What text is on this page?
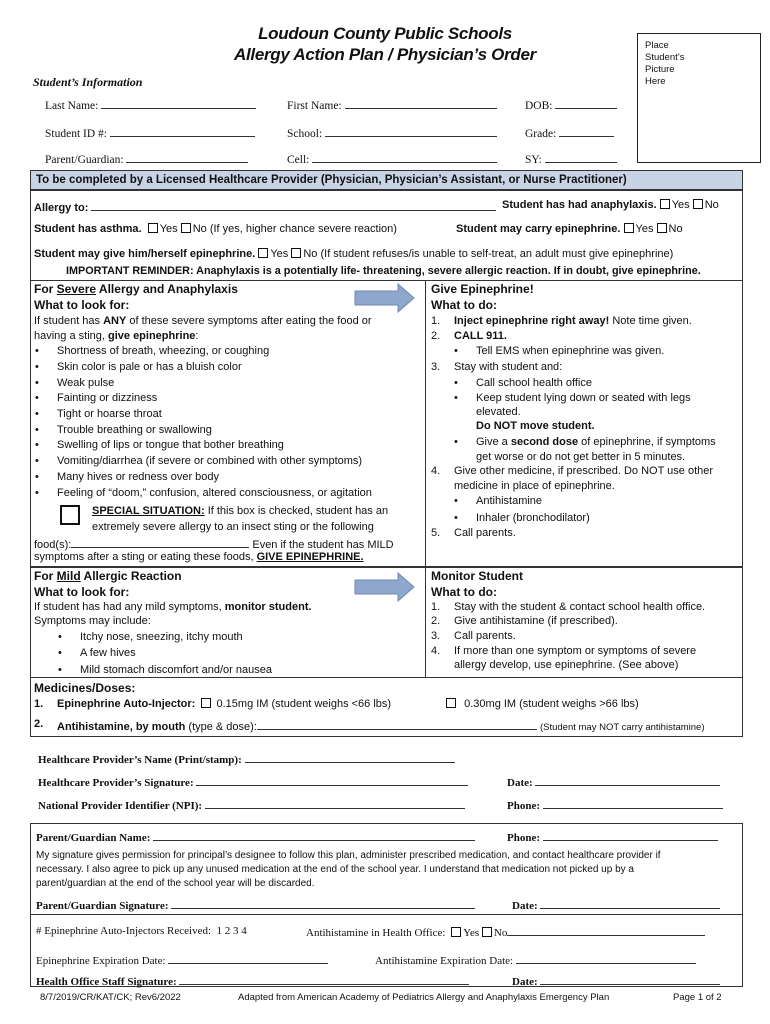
Loudoun County Public Schools
Allergy Action Plan / Physician’s Order	Place
Student’s
Picture
Here
Student’s Information
Last Name:	First Name:	DOB:
Student ID #:	School:	Grade:
Parent/Guardian:	Cell:	SY:
To be completed by a Licensed Healthcare Provider (Physician, Physician’s Assistant, or Nurse Practitioner)
Allergy to:	Student has had anaphylaxis. Yes No
Student has asthma. Yes No (If yes, higher chance severe reaction)	Student may carry epinephrine. Yes No
Student may give him/herself epinephrine. Yes No (If student refuses/is unable to self-treat, an adult must give epinephrine)
IMPORTANT REMINDER: Anaphylaxis is a potentially life- threatening, severe allergic reaction. If in doubt, give epinephrine.
For Severe Allergy and Anaphylaxis
What to look for:
If student has ANY of these severe symptoms after eating the food or
having a sting, give epinephrine:
• Shortness of breath, wheezing, or coughing
• Skin color is pale or has a bluish color
• Weak pulse
• Fainting or dizziness
• Tight or hoarse throat
• Trouble breathing or swallowing
• Swelling of lips or tongue that bother breathing
• Vomiting/diarrhea (if severe or combined with other symptoms)
• Many hives or redness over body
• Feeling of “doom,” confusion, altered consciousness, or agitation
SPECIAL SITUATION: If this box is checked, student has an
extremely severe allergy to an insect sting or the following
food(s):	Even if the student has MILD
symptoms after a sting or eating these foods, GIVE EPINEPHRINE.
Give Epinephrine!
What to do:
1. Inject epinephrine right away! Note time given.
2. CALL 911.
• Tell EMS when epinephrine was given.
3. Stay with student and:
• Call school health office
• Keep student lying down or seated with legs
elevated.
Do NOT move student.
• Give a second dose of epinephrine, if symptoms
get worse or do not get better in 5 minutes.
4. Give other medicine, if prescribed. Do NOT use other
medicine in place of epinephrine.
• Antihistamine
• Inhaler (bronchodilator)
5. Call parents.
For Mild Allergic Reaction
What to look for:
If student has had any mild symptoms, monitor student.
Symptoms may include:
• Itchy nose, sneezing, itchy mouth
• A few hives
• Mild stomach discomfort and/or nausea
Monitor Student
What to do:
1. Stay with the student & contact school health office.
2. Give antihistamine (if prescribed).
3. Call parents.
4. If more than one symptom or symptoms of severe
allergy develop, use epinephrine. (See above)
Medicines/Doses:
1. Epinephrine Auto-Injector: 0.15mg IM (student weighs <66 lbs)	0.30mg IM (student weighs >66 lbs)
2. Antihistamine, by mouth (type & dose):	(Student may NOT carry antihistamine)
Healthcare Provider’s Name (Print/stamp):
Healthcare Provider’s Signature:	Date:
National Provider Identifier (NPI):	Phone:
Parent/Guardian Name:	Phone:
My signature gives permission for principal’s designee to follow this plan, administer prescribed medication, and contact healthcare provider if
necessary. I also agree to pick up any unused medication at the end of the school year. I understand that medication not picked up by a
parent/guardian at the end of the school year will be discarded.
Parent/Guardian Signature:	Date:
# Epinephrine Auto-Injectors Received: 1 2 3 4	Antihistamine in Health Office: Yes No
Epinephrine Expiration Date:	Antihistamine Expiration Date:
Health Office Staff Signature:	Date:
8/7/2019/CR/KAT/CK; Rev6/2022	Adapted from American Academy of Pediatrics Allergy and Anaphylaxis Emergency Plan	Page 1 of 2
